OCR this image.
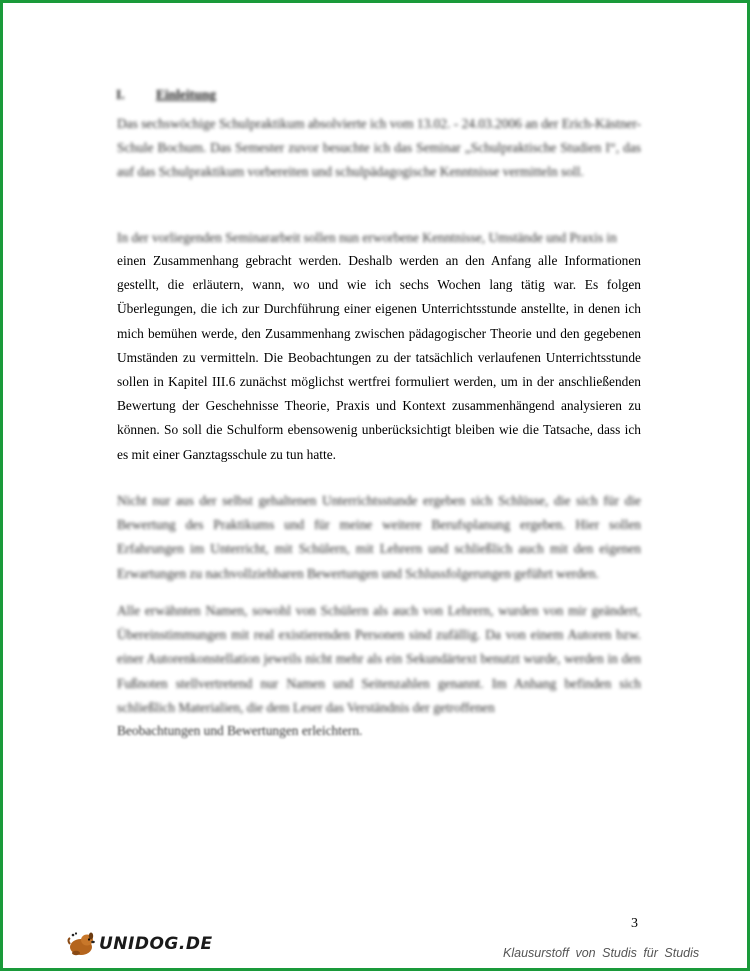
I. Einleitung

Das sechswöchige Schulpraktikum absolvierte ich vom 13.02. - 24.03.2006 an der Erich-Kästner-Schule Bochum. Das Semester zuvor besuchte ich das Seminar „Schulpraktische Studien I“, das auf das Schulpraktikum vorbereiten und schulpädagogische Kenntnisse vermitteln soll.

In der vorliegenden Seminararbeit sollen nun erworbene Kenntnisse, Umstände und Praxis in

einen Zusammenhang gebracht werden. Deshalb werden an den Anfang alle Informationen gestellt, die erläutern, wann, wo und wie ich sechs Wochen lang tätig war. Es folgen Überlegungen, die ich zur Durchführung einer eigenen Unterrichtsstunde anstellte, in denen ich mich bemühen werde, den Zusammenhang zwischen pädagogischer Theorie und den gegebenen Umständen zu vermitteln. Die Beobachtungen zu der tatsächlich verlaufenen Unterrichtsstunde sollen in Kapitel III.6 zunächst möglichst wertfrei formuliert werden, um in der anschließenden Bewertung der Geschehnisse Theorie, Praxis und Kontext zusammenhängend analysieren zu können. So soll die Schulform ebensowenig unberücksichtigt bleiben wie die Tatsache, dass ich es mit einer Ganztagsschule zu tun hatte.

Nicht nur aus der selbst gehaltenen Unterrichtsstunde ergeben sich Schlüsse, die sich für die Bewertung des Praktikums und für meine weitere Berufsplanung ergeben. Hier sollen Erfahrungen im Unterricht, mit Schülern, mit Lehrern und schließlich auch mit den eigenen Erwartungen zu nachvollziehbaren Bewertungen und Schlussfolgerungen geführt werden.

Alle erwähnten Namen, sowohl von Schülern als auch von Lehrern, wurden von mir geändert, Übereinstimmungen mit real existierenden Personen sind zufällig. Da von einem Autoren bzw. einer Autorenkonstellation jeweils nicht mehr als ein Sekundärtext benutzt wurde, werden in den Fußnoten stellvertretend nur Namen und Seitenzahlen genannt. Im Anhang befinden sich schließlich Materialien, die dem Leser das Verständnis der getroffenen

Beobachtungen und Bewertungen erleichtern.

3
UNIDOG.DE	Klausurstoff von Studis für Studis
